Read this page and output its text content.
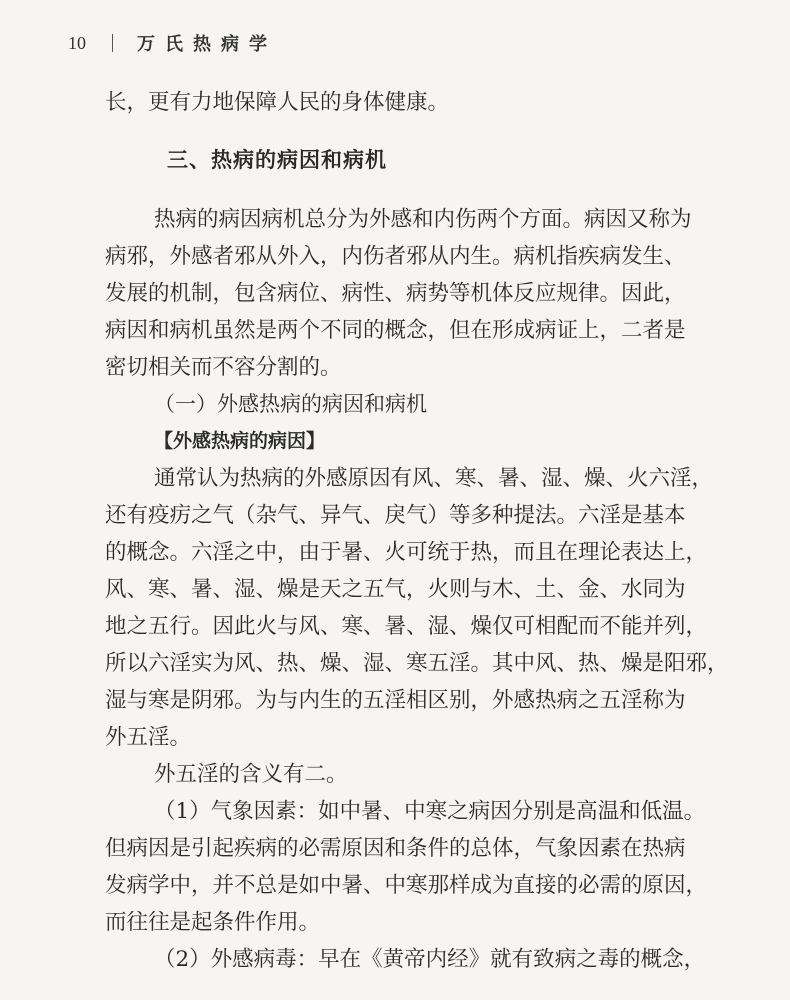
10	万氏热病学
长，更有力地保障人民的身体健康。
三、热病的病因和病机
热病的病因病机总分为外感和内伤两个方面。病因又称为
病邪，外感者邪从外入，内伤者邪从内生。病机指疾病发生、
发展的机制，包含病位、病性、病势等机体反应规律。因此，
病因和病机虽然是两个不同的概念，但在形成病证上，二者是
密切相关而不容分割的。
（一）外感热病的病因和病机
【外感热病的病因】
通常认为热病的外感原因有风、寒、暑、湿、燥、火六淫，
还有疫疠之气（杂气、异气、戾气）等多种提法。六淫是基本
的概念。六淫之中，由于暑、火可统于热，而且在理论表达上，
风、寒、暑、湿、燥是天之五气，火则与木、土、金、水同为
地之五行。因此火与风、寒、暑、湿、燥仅可相配而不能并列，
所以六淫实为风、热、燥、湿、寒五淫。其中风、热、燥是阳邪，
湿与寒是阴邪。为与内生的五淫相区别，外感热病之五淫称为
外五淫。
外五淫的含义有二。
（1）气象因素：如中暑、中寒之病因分别是高温和低温。
但病因是引起疾病的必需原因和条件的总体，气象因素在热病
发病学中，并不总是如中暑、中寒那样成为直接的必需的原因，
而往往是起条件作用。
（2）外感病毒：早在《黄帝内经》就有致病之毒的概念，
